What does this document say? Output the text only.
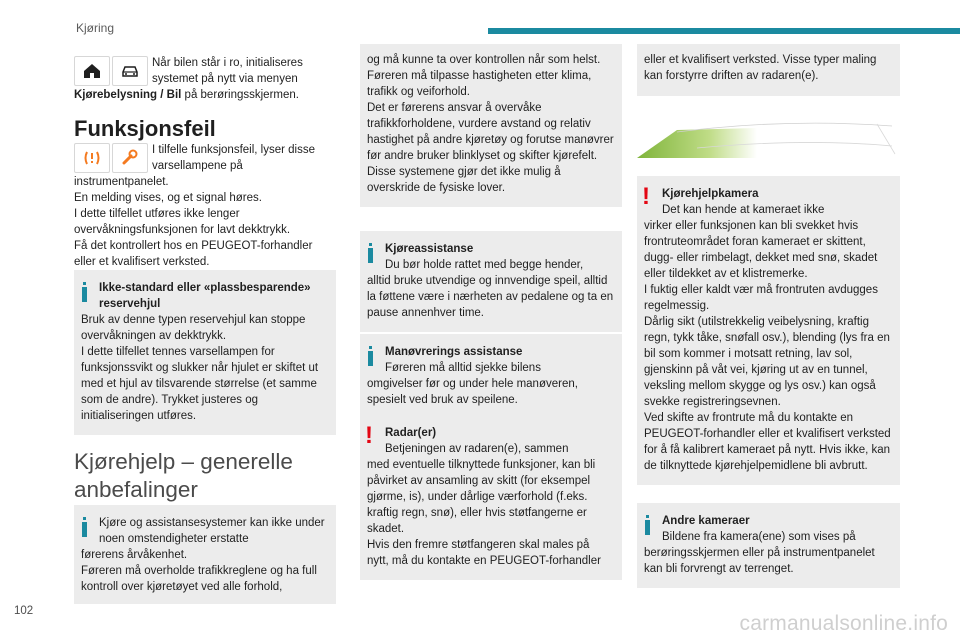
Kjøring

Når bilen står i ro, initialiseres systemet på nytt via menyen Kjørebelysning / Bil på berøringsskjermen.

Funksjonsfeil

I tilfelle funksjonsfeil, lyser disse varsellampene på

instrumentpanelet.

En melding vises, og et signal høres.

I dette tilfellet utføres ikke lenger overvåkningsfunksjonen for lavt dekktrykk.

Få det kontrollert hos en PEUGEOT-forhandler eller et kvalifisert verksted.

Ikke-standard eller «plassbesparende» reservehjul

Bruk av denne typen reservehjul kan stoppe overvåkningen av dekktrykk.

I dette tilfellet tennes varsellampen for funksjonssvikt og slukker når hjulet er skiftet ut med et hjul av tilsvarende størrelse (et samme som de andre). Trykket justeres og initialiseringen utføres.

Kjørehjelp – generelle anbefalinger

Kjøre og assistansesystemer kan ikke under noen omstendigheter erstatte

førerens årvåkenhet.

Føreren må overholde trafikkreglene og ha full kontroll over kjøretøyet ved alle forhold,

og må kunne ta over kontrollen når som helst. Føreren må tilpasse hastigheten etter klima, trafikk og veiforhold.

Det er førerens ansvar å overvåke trafikkforholdene, vurdere avstand og relativ hastighet på andre kjøretøy og forutse manøvrer før andre bruker blinklyset og skifter kjørefelt.

Disse systemene gjør det ikke mulig å overskride de fysiske lover.

Kjøreassistanse

Du bør holde rattet med begge hender,

alltid bruke utvendige og innvendige speil, alltid la føttene være i nærheten av pedalene og ta en pause annenhver time.

Manøvrerings assistanse

Føreren må alltid sjekke bilens

omgivelser før og under hele manøveren, spesielt ved bruk av speilene.

!	Radar(er)

Betjeningen av radaren(e), sammen

med eventuelle tilknyttede funksjoner, kan bli påvirket av ansamling av skitt (for eksempel gjørme, is), under dårlige værforhold (f.eks. kraftig regn, snø), eller hvis støtfangerne er skadet.

Hvis den fremre støtfangeren skal males på nytt, må du kontakte en PEUGEOT-forhandler

eller et kvalifisert verksted. Visse typer maling kan forstyrre driften av radaren(e).

!	Kjørehjelpkamera

Det kan hende at kameraet ikke

virker eller funksjonen kan bli svekket hvis frontruteområdet foran kameraet er skittent, dugg- eller rimbelagt, dekket med snø, skadet eller tildekket av et klistremerke.

I fuktig eller kaldt vær må frontruten avdugges regelmessig.

Dårlig sikt (utilstrekkelig veibelysning, kraftig regn, tykk tåke, snøfall osv.), blending (lys fra en bil som kommer i motsatt retning, lav sol, gjenskinn på våt vei, kjøring ut av en tunnel, veksling mellom skygge og lys osv.) kan også svekke registreringsevnen.

Ved skifte av frontrute må du kontakte en PEUGEOT-forhandler eller et kvalifisert verksted for å få kalibrert kameraet på nytt. Hvis ikke, kan de tilknyttede kjørehjelpemidlene bli avbrutt.

Andre kameraer

Bildene fra kamera(ene) som vises på

berøringsskjermen eller på instrumentpanelet kan bli forvrengt av terrenget.

102
carmanualsonline.info
